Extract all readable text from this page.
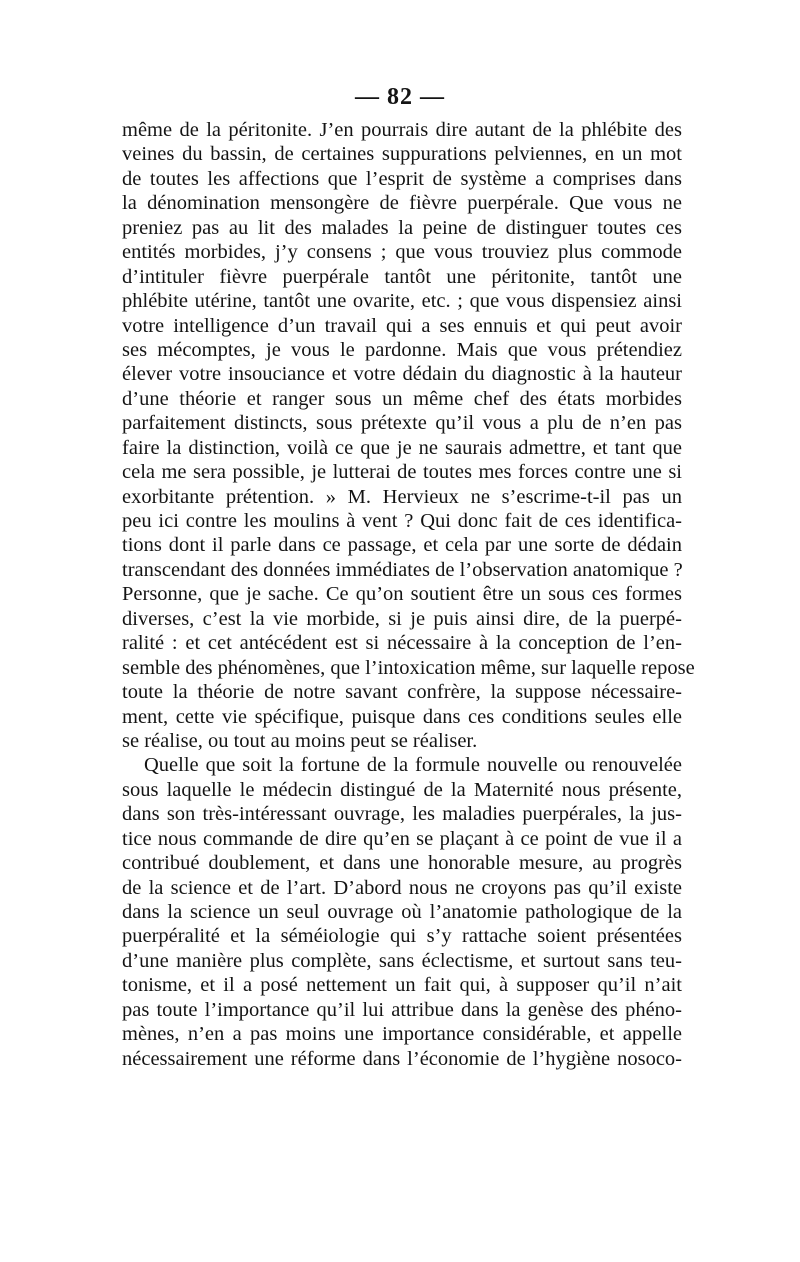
— 82 —
même de la péritonite. J’en pourrais dire autant de la phlébite des
veines du bassin, de certaines suppurations pelviennes, en un mot
de toutes les affections que l’esprit de système a comprises dans
la dénomination mensongère de fièvre puerpérale. Que vous ne
preniez pas au lit des malades la peine de distinguer toutes ces
entités morbides, j’y consens ; que vous trouviez plus commode
d’intituler fièvre puerpérale tantôt une péritonite, tantôt une
phlébite utérine, tantôt une ovarite, etc. ; que vous dispensiez ainsi
votre intelligence d’un travail qui a ses ennuis et qui peut avoir
ses mécomptes, je vous le pardonne. Mais que vous prétendiez
élever votre insouciance et votre dédain du diagnostic à la hauteur
d’une théorie et ranger sous un même chef des états morbides
parfaitement distincts, sous prétexte qu’il vous a plu de n’en pas
faire la distinction, voilà ce que je ne saurais admettre, et tant que
cela me sera possible, je lutterai de toutes mes forces contre une si
exorbitante prétention. » M. Hervieux ne s’escrime-t-il pas un
peu ici contre les moulins à vent ? Qui donc fait de ces identifica-
tions dont il parle dans ce passage, et cela par une sorte de dédain
transcendant des données immédiates de l’observation anatomique ?
Personne, que je sache. Ce qu’on soutient être un sous ces formes
diverses, c’est la vie morbide, si je puis ainsi dire, de la puerpé-
ralité : et cet antécédent est si nécessaire à la conception de l’en-
semble des phénomènes, que l’intoxication même, sur laquelle repose
toute la théorie de notre savant confrère, la suppose nécessaire-
ment, cette vie spécifique, puisque dans ces conditions seules elle
se réalise, ou tout au moins peut se réaliser.
Quelle que soit la fortune de la formule nouvelle ou renouvelée
sous laquelle le médecin distingué de la Maternité nous présente,
dans son très-intéressant ouvrage, les maladies puerpérales, la jus-
tice nous commande de dire qu’en se plaçant à ce point de vue il a
contribué doublement, et dans une honorable mesure, au progrès
de la science et de l’art. D’abord nous ne croyons pas qu’il existe
dans la science un seul ouvrage où l’anatomie pathologique de la
puerpéralité et la séméiologie qui s’y rattache soient présentées
d’une manière plus complète, sans éclectisme, et surtout sans teu-
tonisme, et il a posé nettement un fait qui, à supposer qu’il n’ait
pas toute l’importance qu’il lui attribue dans la genèse des phéno-
mènes, n’en a pas moins une importance considérable, et appelle
nécessairement une réforme dans l’économie de l’hygiène nosoco-
